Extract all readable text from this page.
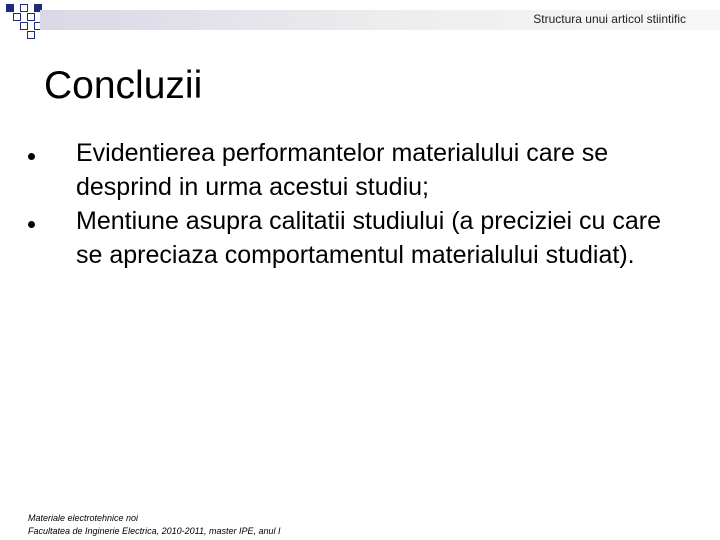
Structura unui articol stiintific
Concluzii
Evidentierea performantelor materialului care se desprind in urma acestui studiu;
Mentiune asupra calitatii studiului (a preciziei cu care se apreciaza comportamentul materialului studiat).
Materiale electrotehnice noi
Facultatea de Inginerie Electrica, 2010-2011, master IPE, anul I
